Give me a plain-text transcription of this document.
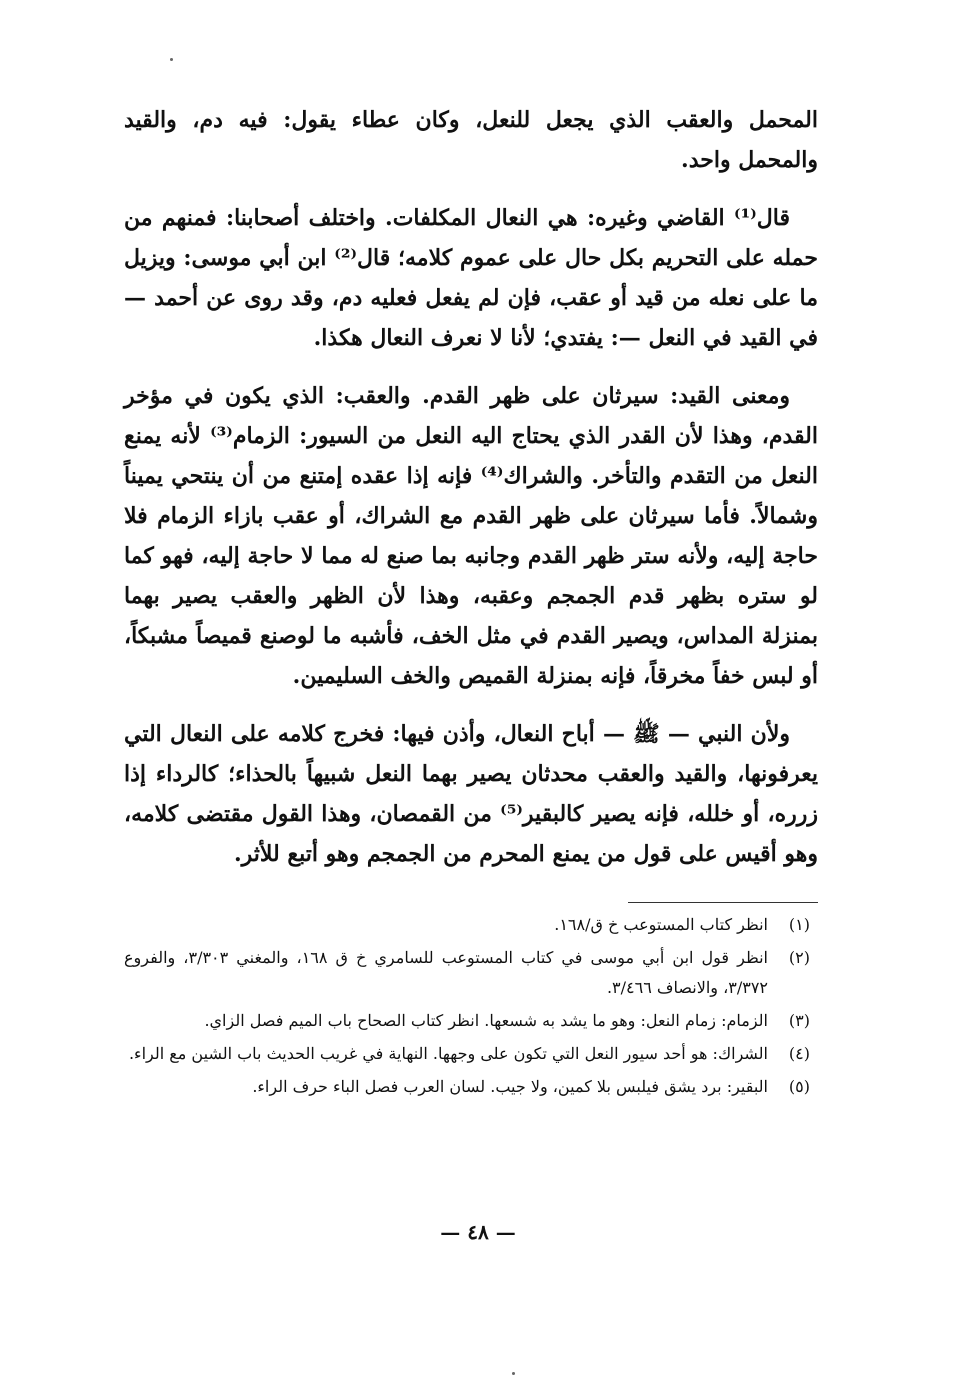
المحمل والعقب الذي يجعل للنعل، وكان عطاء يقول: فيه دم، والقيد والمحمل واحد.

قال⁽¹⁾ القاضي وغيره: هي النعال المكلفات. واختلف أصحابنا: فمنهم من حمله على التحريم بكل حال على عموم كلامه؛ قال⁽²⁾ ابن أبي موسى: ويزيل ما على نعله من قيد أو عقب، فإن لم يفعل فعليه دم، وقد روى عن أحمد — في القيد في النعل —: يفتدي؛ لأنا لا نعرف النعال هكذا.

ومعنى القيد: سيرثان على ظهر القدم. والعقب: الذي يكون في مؤخر القدم، وهذا لأن القدر الذي يحتاج اليه النعل من السيور: الزمام⁽³⁾ لأنه يمنع النعل من التقدم والتأخر. والشراك⁽⁴⁾ فإنه إذا عقده إمتنع من أن ينتحي يميناً وشمالاً. فأما سيرثان على ظهر القدم مع الشراك، أو عقب بازاء الزمام فلا حاجة إليه، ولأنه ستر ظهر القدم وجانبه بما صنع له مما لا حاجة إليه، فهو كما لو ستره بظهر قدم الجمجم وعقبه، وهذا لأن الظهر والعقب يصير بهما بمنزلة المداس، ويصير القدم في مثل الخف، فأشبه ما لوصنع قميصاً مشبكاً، أو لبس خفاً مخرقاً، فإنه بمنزلة القميص والخف السليمين.

ولأن النبي — ﷺ — أباح النعال، وأذن فيها: فخرج كلامه على النعال التي يعرفونها، والقيد والعقب محدثان يصير بهما النعل شبيهاً بالحذاء؛ كالرداء إذا زرره، أو خلله، فإنه يصير كالبقير⁽⁵⁾ من القمصان، وهذا القول مقتضى كلامه، وهو أقيس على قول من يمنع المحرم من الجمجم وهو أتبع للأثر.

(١)
انظر كتاب المستوعب خ ق/١٦٨.
(٢)
انظر قول ابن أبي موسى في كتاب المستوعب للسامري خ ق ١٦٨، والمغني ٣/٣٠٣، والفروع ٣/٣٧٢، والانصاف ٣/٤٦٦.
(٣)
الزمام: زمام النعل: وهو ما يشد به شسعها. انظر كتاب الصحاح باب الميم فصل الزاي.
(٤)
الشراك: هو أحد سيور النعل التي تكون على وجهها. النهاية في غريب الحديث باب الشين مع الراء.
(٥)
البقير: برد يشق فيلبس بلا كمين، ولا جيب. لسان العرب فصل الباء حرف الراء.
— ٤٨ —
